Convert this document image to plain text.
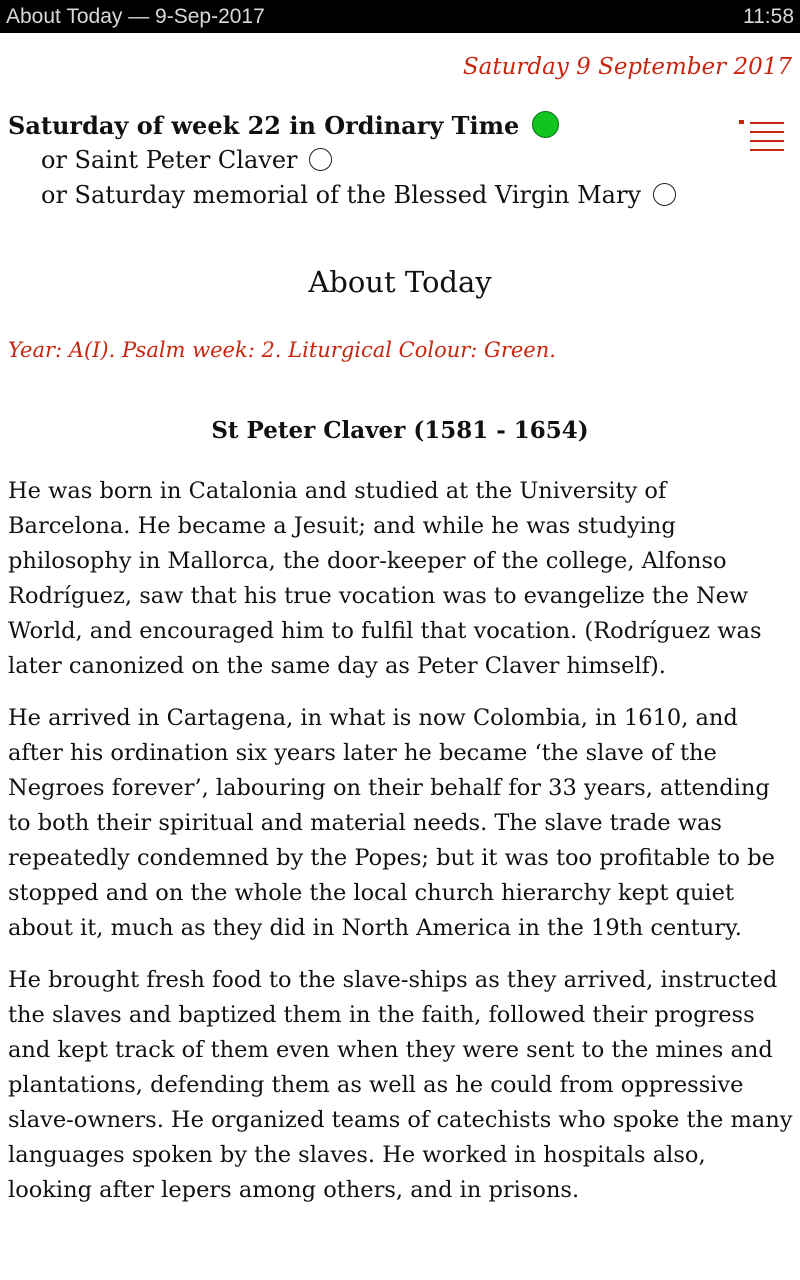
About Today — 9-Sep-2017	11:58
Saturday 9 September 2017
Saturday of week 22 in Ordinary Time
or Saint Peter Claver
or Saturday memorial of the Blessed Virgin Mary
About Today
Year: A(I). Psalm week: 2. Liturgical Colour: Green.
St Peter Claver (1581 - 1654)

He was born in Catalonia and studied at the University of Barcelona. He became a Jesuit; and while he was studying philosophy in Mallorca, the door-keeper of the college, Alfonso Rodríguez, saw that his true vocation was to evangelize the New World, and encouraged him to fulfil that vocation. (Rodríguez was later canonized on the same day as Peter Claver himself).

He arrived in Cartagena, in what is now Colombia, in 1610, and after his ordination six years later he became ‘the slave of the Negroes forever’, labouring on their behalf for 33 years, attending to both their spiritual and material needs. The slave trade was repeatedly condemned by the Popes; but it was too profitable to be stopped and on the whole the local church hierarchy kept quiet about it, much as they did in North America in the 19th century.

He brought fresh food to the slave-ships as they arrived, instructed the slaves and baptized them in the faith, followed their progress and kept track of them even when they were sent to the mines and plantations, defending them as well as he could from oppressive slave-owners. He organized teams of catechists who spoke the many languages spoken by the slaves. He worked in hospitals also, looking after lepers among others, and in prisons.
